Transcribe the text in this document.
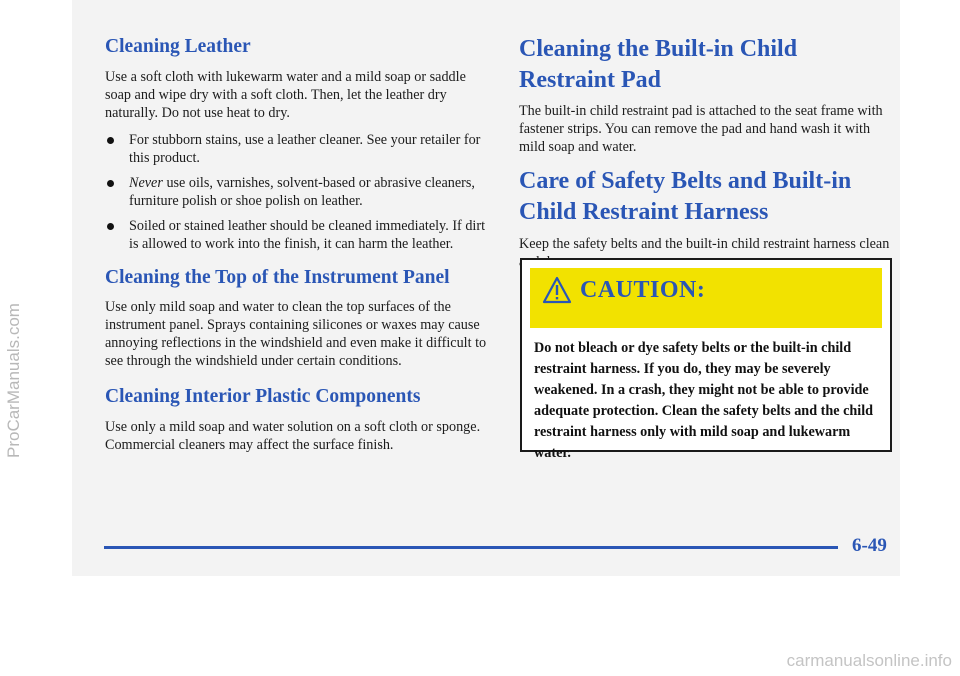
ProCarManuals.com
Cleaning Leather

Use a soft cloth with lukewarm water and a mild soap or saddle soap and wipe dry with a soft cloth. Then, let the leather dry naturally. Do not use heat to dry.

For stubborn stains, use a leather cleaner. See your retailer for this product.
Never use oils, varnishes, solvent-based or abrasive cleaners, furniture polish or shoe polish on leather.
Soiled or stained leather should be cleaned immediately. If dirt is allowed to work into the finish, it can harm the leather.
Cleaning the Top of the Instrument Panel

Use only mild soap and water to clean the top surfaces of the instrument panel. Sprays containing silicones or waxes may cause annoying reflections in the windshield and even make it difficult to see through the windshield under certain conditions.

Cleaning Interior Plastic Components

Use only a mild soap and water solution on a soft cloth or sponge. Commercial cleaners may affect the surface finish.

Cleaning the Built-in Child Restraint Pad

The built-in child restraint pad is attached to the seat frame with fastener strips. You can remove the pad and hand wash it with mild soap and water.

Care of Safety Belts and Built-in Child Restraint Harness

Keep the safety belts and the built-in child restraint harness clean

CAUTION:
Do not bleach or dye safety belts or the built-in child restraint harness. If you do, they may be severely weakened. In a crash, they might not be able to provide adequate protection. Clean the safety belts and the child restraint harness only with mild soap and lukewarm water.
6-49
carmanualsonline.info
